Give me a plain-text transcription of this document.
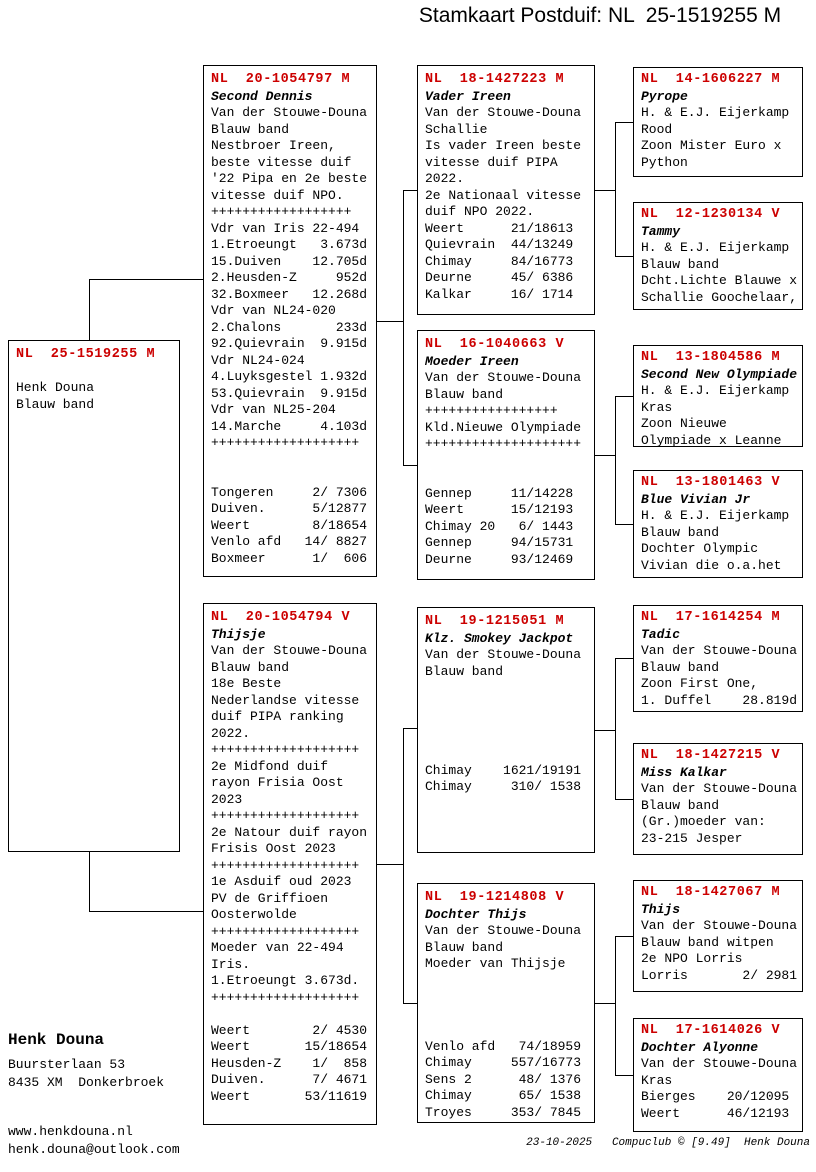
Stamkaart Postduif: NL  25-1519255 M
NL  25-1519255 M

Henk Douna
Blauw band
NL  20-1054797 M
Second Dennis
Van der Stouwe-Douna
Blauw band
Nestbroer Ireen,
beste vitesse duif
'22 Pipa en 2e beste
vitesse duif NPO.
++++++++++++++++++
Vdr van Iris 22-494
1.Etroeungt   3.673d
15.Duiven    12.705d
2.Heusden-Z     952d
32.Boxmeer   12.268d
Vdr van NL24-020
2.Chalons       233d
92.Quievrain  9.915d
Vdr NL24-024
4.Luyksgestel 1.932d
53.Quievrain  9.915d
Vdr van NL25-204
14.Marche     4.103d
+++++++++++++++++++

Tongeren     2/ 7306
Duiven.      5/12877
Weert        8/18654
Venlo afd   14/ 8827
Boxmeer      1/  606
NL  20-1054794 V
Thijsje
Van der Stouwe-Douna
Blauw band
18e Beste
Nederlandse vitesse
duif PIPA ranking
2022.
+++++++++++++++++++
2e Midfond duif
rayon Frisia Oost
2023
+++++++++++++++++++
2e Natour duif rayon
Frisis Oost 2023
+++++++++++++++++++
1e Asduif oud 2023
PV de Griffioen
Oosterwolde
+++++++++++++++++++
Moeder van 22-494
Iris.
1.Etroeungt 3.673d.
+++++++++++++++++++

Weert        2/ 4530
Weert       15/18654
Heusden-Z    1/  858
Duiven.      7/ 4671
Weert       53/11619
NL  18-1427223 M
Vader Ireen
Van der Stouwe-Douna
Schallie
Is vader Ireen beste
vitesse duif PIPA
2022.
2e Nationaal vitesse
duif NPO 2022.
Weert      21/18613
Quievrain  44/13249
Chimay     84/16773
Deurne     45/ 6386
Kalkar     16/ 1714
NL  16-1040663 V
Moeder Ireen
Van der Stouwe-Douna
Blauw band
+++++++++++++++++
Kld.Nieuwe Olympiade
++++++++++++++++++++

Gennep     11/14228
Weert      15/12193
Chimay 20   6/ 1443
Gennep     94/15731
Deurne     93/12469
NL  19-1215051 M
Klz. Smokey Jackpot
Van der Stouwe-Douna
Blauw band

Chimay    1621/19191
Chimay     310/ 1538
NL  19-1214808 V
Dochter Thijs
Van der Stouwe-Douna
Blauw band
Moeder van Thijsje

Venlo afd   74/18959
Chimay     557/16773
Sens 2      48/ 1376
Chimay      65/ 1538
Troyes     353/ 7845
NL  14-1606227 M
Pyrope
H. & E.J. Eijerkamp
Rood
Zoon Mister Euro x
Python
NL  12-1230134 V
Tammy
H. & E.J. Eijerkamp
Blauw band
Dcht.Lichte Blauwe x
Schallie Goochelaar,
NL  13-1804586 M
Second New Olympiade
H. & E.J. Eijerkamp
Kras
Zoon Nieuwe
Olympiade x Leanne
NL  13-1801463 V
Blue Vivian Jr
H. & E.J. Eijerkamp
Blauw band
Dochter Olympic
Vivian die o.a.het
NL  17-1614254 M
Tadic
Van der Stouwe-Douna
Blauw band
Zoon First One,
1. Duffel    28.819d
NL  18-1427215 V
Miss Kalkar
Van der Stouwe-Douna
Blauw band
(Gr.)moeder van:
23-215 Jesper
NL  18-1427067 M
Thijs
Van der Stouwe-Douna
Blauw band witpen
2e NPO Lorris
Lorris       2/ 2981
NL  17-1614026 V
Dochter Alyonne
Van der Stouwe-Douna
Kras
Bierges    20/12095
Weert      46/12193
Henk Douna
Buursterlaan 53
8435 XM  Donkerbroek
www.henkdouna.nl
henk.douna@outlook.com	23-10-2025   Compuclub © [9.49]  Henk Douna
